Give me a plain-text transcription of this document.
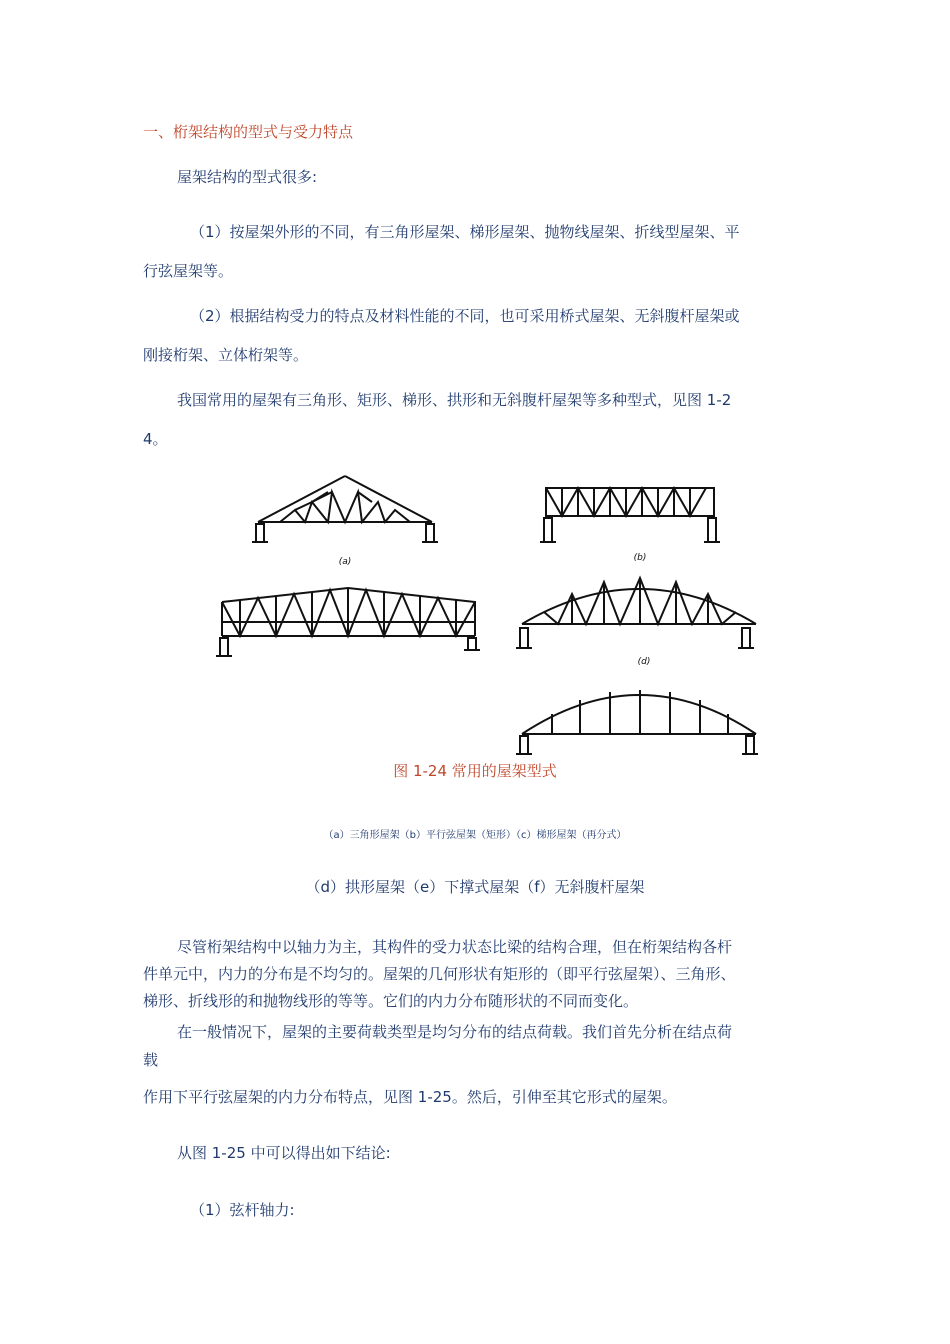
一、桁架结构的型式与受力特点
屋架结构的型式很多:
（1）按屋架外形的不同，有三角形屋架、梯形屋架、抛物线屋架、折线型屋架、平
行弦屋架等。
（2）根据结构受力的特点及材料性能的不同，也可采用桥式屋架、无斜腹杆屋架或
刚接桁架、立体桁架等。
我国常用的屋架有三角形、矩形、梯形、拱形和无斜腹杆屋架等多种型式，见图 1-2
4。
(a)	(b)
(d)
图 1-24 常用的屋架型式
（a）三角形屋架（b）平行弦屋架（矩形）（c）梯形屋架（再分式）
（d）拱形屋架（e）下撑式屋架（f）无斜腹杆屋架
尽管桁架结构中以轴力为主，其构件的受力状态比梁的结构合理，但在桁架结构各杆
件单元中，内力的分布是不均匀的。屋架的几何形状有矩形的（即平行弦屋架）、三角形、
梯形、折线形的和抛物线形的等等。它们的内力分布随形状的不同而变化。
在一般情况下，屋架的主要荷载类型是均匀分布的结点荷载。我们首先分析在结点荷
载
作用下平行弦屋架的内力分布特点，见图 1-25。然后，引伸至其它形式的屋架。
从图 1-25 中可以得出如下结论:
（1）弦杆轴力:
